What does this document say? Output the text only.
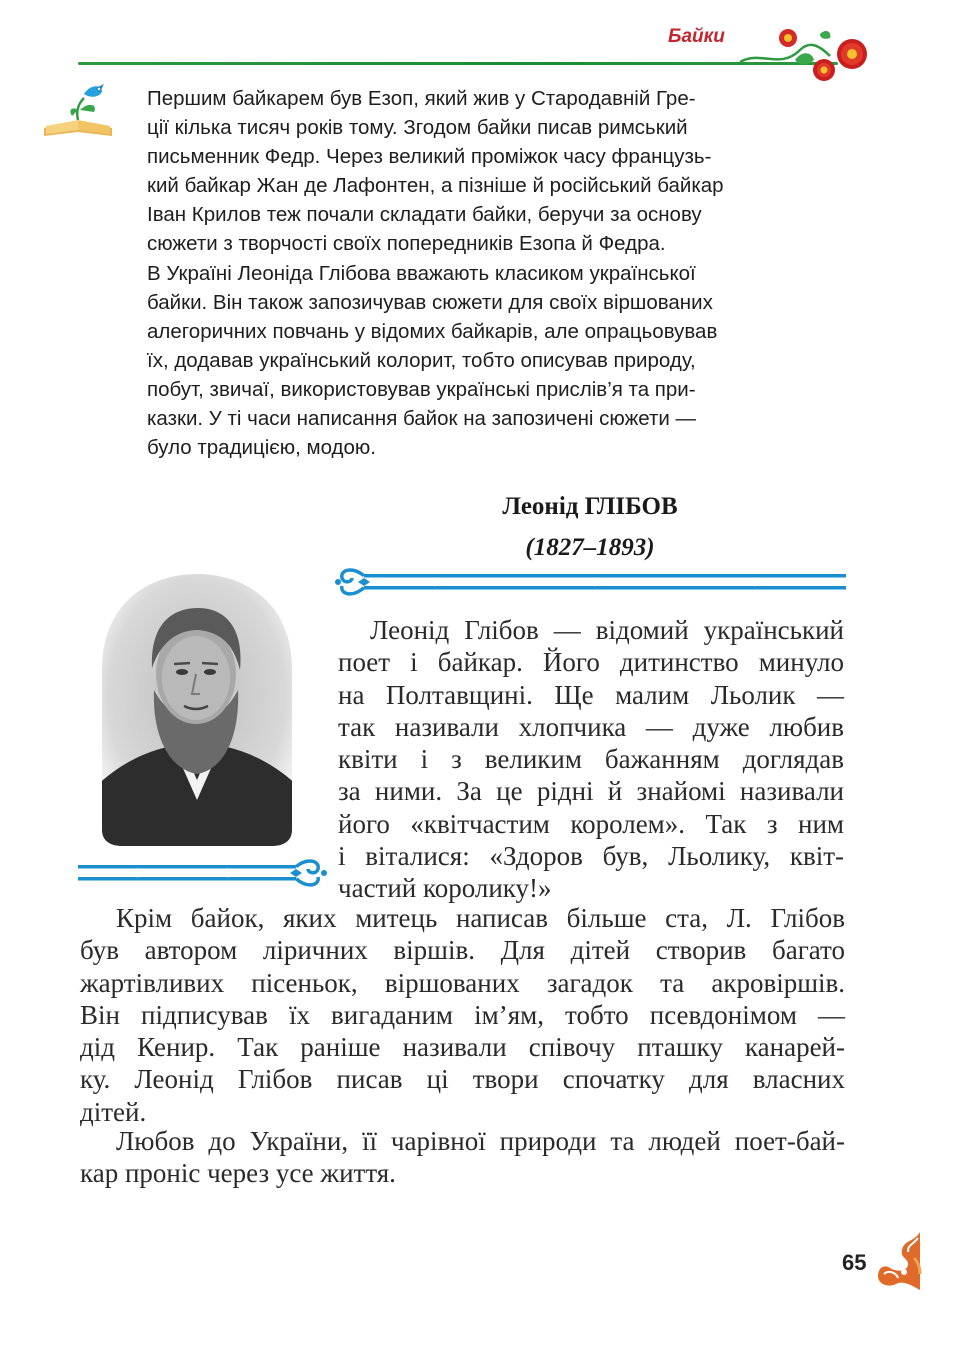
Байки
Першим байкарем був Езоп, який жив у Стародавній Гре-
ції кілька тисяч років тому. Згодом байки писав римський
письменник Федр. Через великий проміжок часу французь-
кий байкар Жан де Лафонтен, а пізніше й російський байкар
Іван Крилов теж почали складати байки, беручи за основу
сюжети з творчості своїх попередників Езопа й Федра.
В Україні Леоніда Глібова вважають класиком української
байки. Він також запозичував сюжети для своїх віршованих
алегоричних повчань у відомих байкарів, але опрацьовував
їх, додавав український колорит, тобто описував природу,
побут, звичаї, використовував українські прислів’я та при-
казки. У ті часи написання байок на запозичені сюжети —
було традицією, модою.
Леонід ГЛІБОВ
(1827–1893)
Леонід Глібов — відомий український
поет і байкар. Його дитинство минуло
на Полтавщині. Ще малим Льолик —
так називали хлопчика — дуже любив
квіти і з великим бажанням доглядав
за ними. За це рідні й знайомі називали
його «квітчастим королем». Так з ним
і віталися: «Здоров був, Льолику, квіт-
частий королику!»
Крім байок, яких митець написав більше ста, Л. Глібов
був автором ліричних віршів. Для дітей створив багато
жартівливих пісеньок, віршованих загадок та акровіршів.
Він підписував їх вигаданим ім’ям, тобто псевдонімом —
дід Кенир. Так раніше називали співочу пташку канарей-
ку. Леонід Глібов писав ці твори спочатку для власних
дітей.
Любов до України, її чарівної природи та людей поет-бай-
кар проніс через усе життя.
65
